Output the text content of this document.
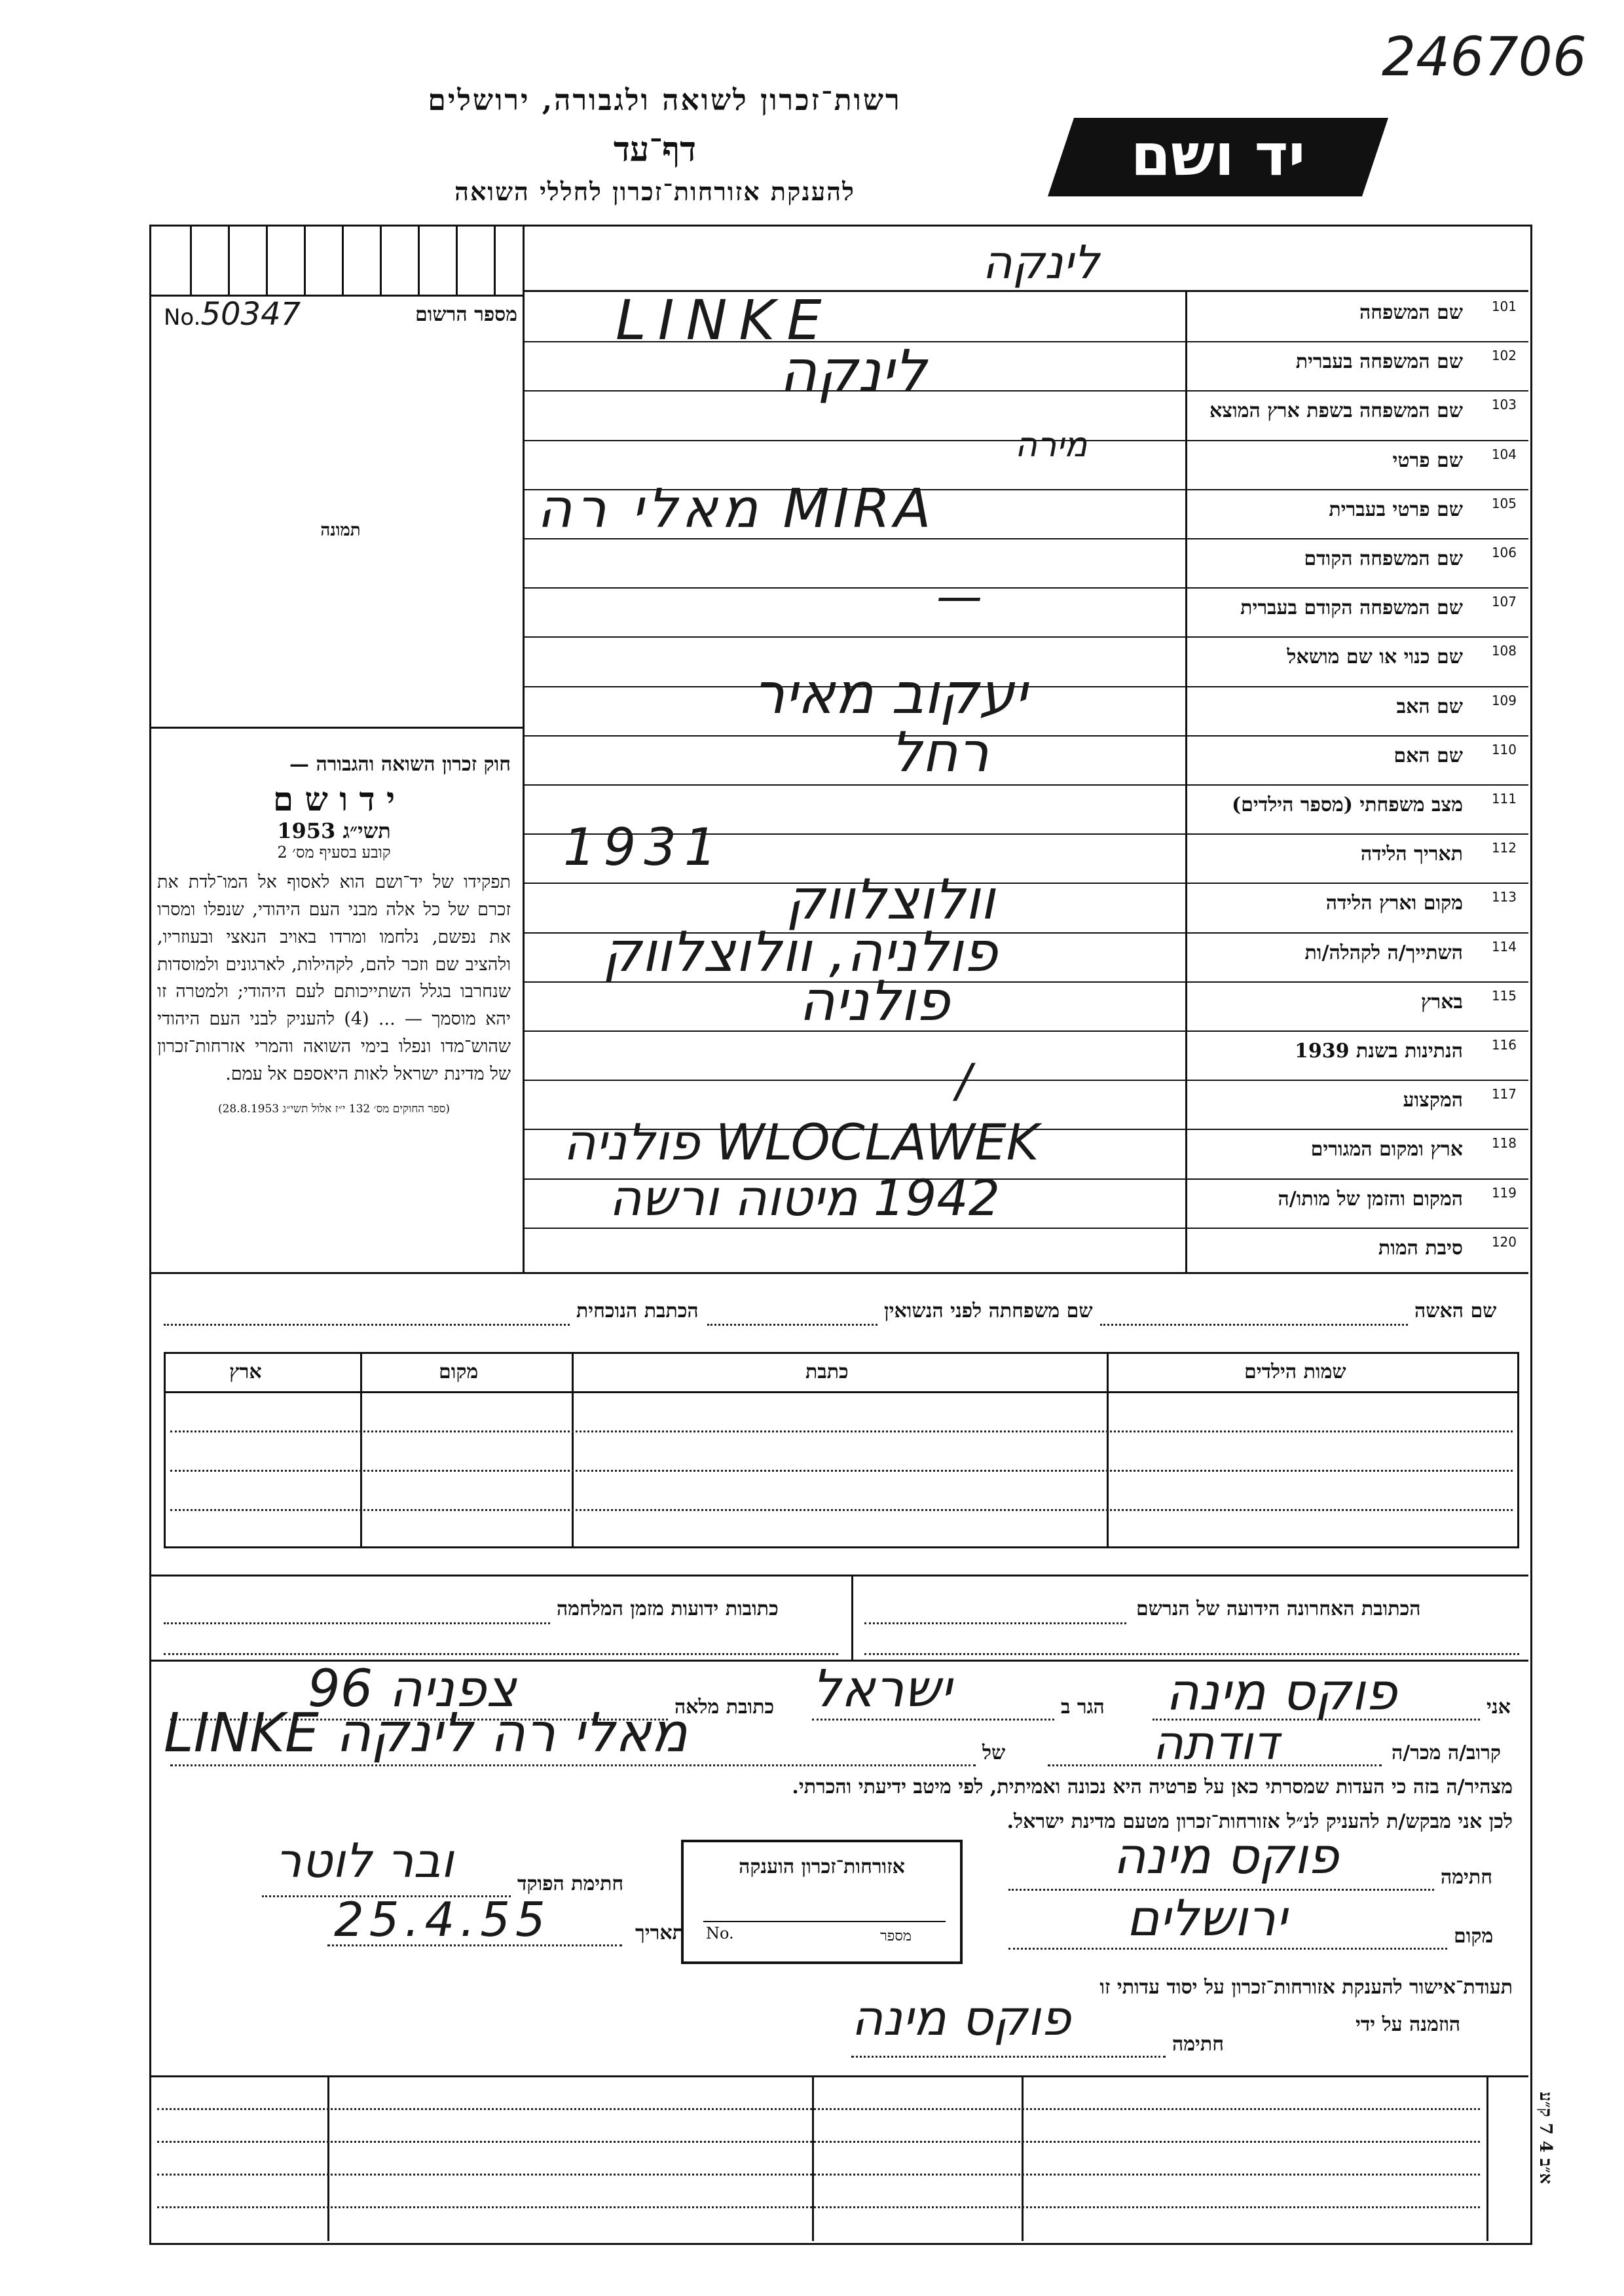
246706
רשות־זכרון לשואה ולגבורה, ירושלים
דף־עד
להענקת אזורחות־זכרון לחללי השואה
יד ושם
No.50347	מספר הרשום
תמונה
חוק זכרון השואה והגבורה —
י ד ו ש ם
תשי״ג 1953
קובע בסעיף מס׳ 2
תפקידו של יד־ושם הוא לאסוף אל המו־לדת את זכרם של כל אלה מבני העם היהודי, שנפלו ומסרו את נפשם, נלחמו ומרדו באויב הנאצי ובעוזריו, ולהציב שם וזכר להם, לקהילות, לארגונים ולמוסדות שנחרבו בגלל השתייכותם לעם היהודי; ולמטרה זו יהא מוסמך — ... (4) להעניק לבני העם היהודי שהוש־מדו ונפלו בימי השואה והמרי אזרחות־זכרון של מדינת ישראל לאות היאספם אל עמם.
(ספר החוקים מס׳ 132 י״ז אלול תשי״ג 28.8.1953)
101
שם המשפחה
102
שם המשפחה בעברית
103
שם המשפחה בשפת ארץ המוצא
104
שם פרטי
105
שם פרטי בעברית
106
שם המשפחה הקודם
107
שם המשפחה הקודם בעברית
108
שם כנוי או שם מושאל
109
שם האב
110
שם האם
111
מצב משפחתי (מספר הילדים)
112
תאריך הלידה
113
מקום וארץ הלידה
114
השתייך/ה לקהלה/ות
115
בארץ
116
הנתינות בשנת 1939
117
המקצוע
118
ארץ ומקום המגורים
119
המקום והזמן של מותו/ה
120
סיבת המות
LINKE
לינקה
לינקה
מירה
MIRA מאלי רה
—
יעקוב מאיר
רחל
1931
וולוצלווק
פולניה, וולוצלווק
פולניה
/
WLOCLAWEK פולניה
1942 מיטוה ורשה
שם האשה
שם משפחתה לפני הנשואין
הכתבת הנוכחית
שמות הילדים
כתבת
מקום
ארץ
הכתובת האחרונה הידועה של הנרשם
כתובות ידועות מזמן המלחמה
אני
פוקס מינה
הגר ב
ישראל
כתובת מלאה
צפניה 96
קרוב/ה מכר/ה
דודתה
של
מאלי רה לינקה LINKE
מצהיר/ה בזה כי העדות שמסרתי כאן על פרטיה היא נכונה ואמיתית, לפי מיטב ידיעתי והכרתי.
לכן אני מבקש/ת להעניק לנ״ל אזורחות־זכרון מטעם מדינת ישראל.
חתימה
פוקס מינה
מקום
ירושלים
תעודת־אישור להענקת אזורחות־זכרון על יסוד עדותי זו
הוזמנה על ידי
חתימה
פוקס מינה
אזורחות־זכרון הוענקה
No.	מספר
חתימת הפוקד
ובר לוטר
תאריך
25.4.55
א״ב 4 7 ק״ע
